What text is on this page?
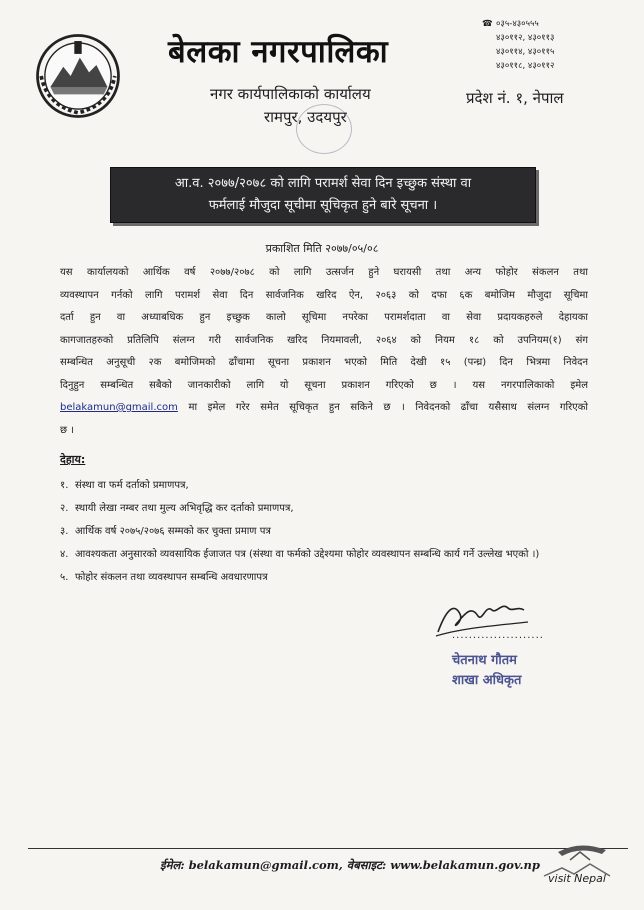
बेलका नगरपालिका
नगर कार्यपालिकाको कार्यालय
रामपुर, उदयपुर
प्रदेश नं. १, नेपाल
☎ ०३५-४३०५५५
४३०११२, ४३०११३
४३०११४, ४३०११५
४३०११८, ४३०११२
आ.व. २०७७/२०७८ को लागि परामर्श सेवा दिन इच्छुक संस्था वा
फर्मलाई मौजुदा सूचीमा सूचिकृत हुने बारे सूचना ।
प्रकाशित मिति २०७७/०५/०८
यस कार्यालयको आर्थिक वर्ष २०७७/२०७८ को लागि उत्सर्जन हुने घरायसी तथा अन्य फोहोर संकलन तथा
व्यवस्थापन गर्नको लागि परामर्श सेवा दिन सार्वजनिक खरिद ऐन, २०६३ को दफा ६क बमोजिम मौजुदा सूचिमा
दर्ता हुन वा अध्याबधिक हुन इच्छुक कालो सूचिमा नपरेका परामर्शदाता वा सेवा प्रदायकहरुले देहायका
कागजातहरुको प्रतिलिपि संलग्न गरी सार्वजनिक खरिद नियमावली, २०६४ को नियम १८ को उपनियम(१) संग
सम्बन्धित अनुसूची २क बमोजिमको ढाँचामा सूचना प्रकाशन भएको मिति देखी १५ (पन्ध्र) दिन भित्रमा निवेदन
दिनुहुन सम्बन्धित सबैको जानकारीको लागि यो सूचना प्रकाशन गरिएको छ । यस नगरपालिकाको इमेल
belakamun@gmail.com मा इमेल गरेर समेत सूचिकृत हुन सकिने छ । निवेदनको ढाँचा यसैसाथ संलग्न गरिएको
छ ।
देहाय:
१. संस्था वा फर्म दर्ताको प्रमाणपत्र,
२. स्थायी लेखा नम्बर तथा मुल्य अभिवृद्धि कर दर्ताको प्रमाणपत्र,
३. आर्थिक वर्ष २०७५/२०७६ सम्मको कर चुक्ता प्रमाण पत्र
४. आवश्यकता अनुसारको व्यवसायिक ईजाजत पत्र (संस्था वा फर्मको उद्देश्यमा फोहोर व्यवस्थापन सम्बन्धि कार्य गर्ने उल्लेख भएको ।)
५. फोहोर संकलन तथा व्यवस्थापन सम्बन्धि अवधारणापत्र
......................
चेतनाथ गौतम
शाखा अधिकृत
ईमेल: belakamun@gmail.com, वेबसाइट: www.belakamun.gov.np
visit Nepal
